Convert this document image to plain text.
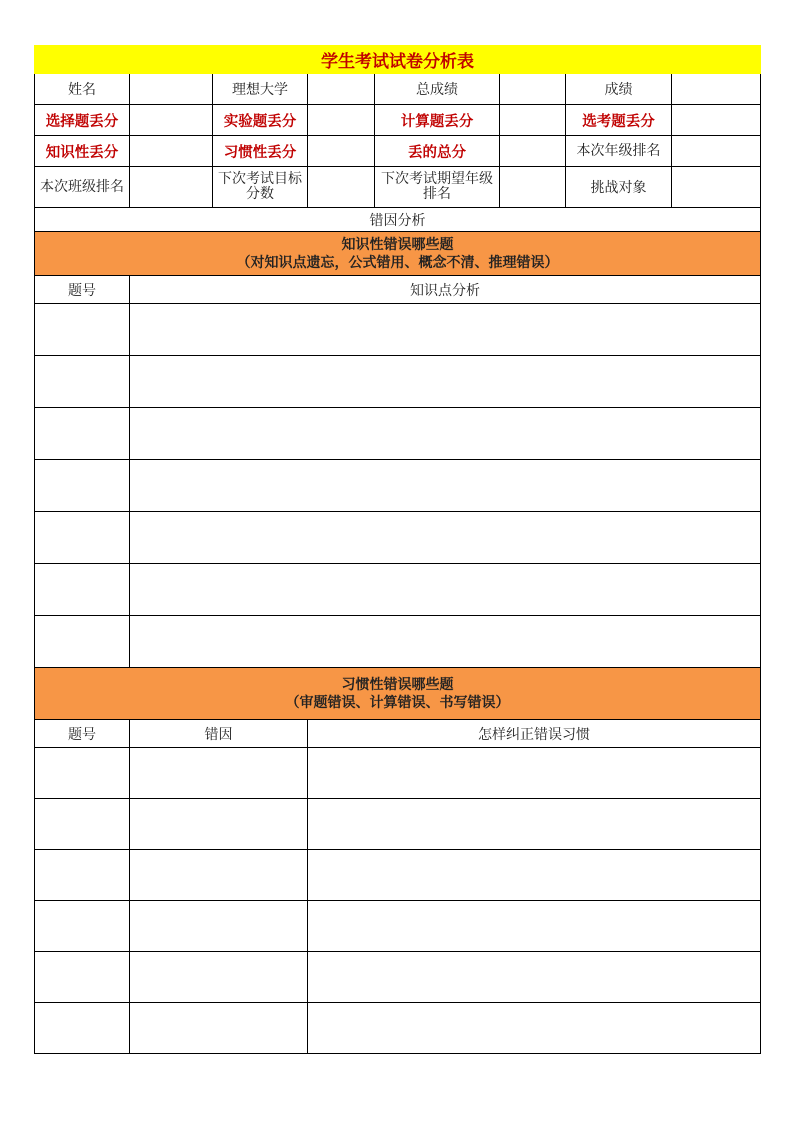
学生考试试卷分析表							
姓名		理想大学		总成绩		成绩	
选择题丢分		实验题丢分		计算题丢分		选考题丢分	
知识性丢分		习惯性丢分		丢的总分		本次年级排名	
本次班级排名		下次考试目标分数		下次考试期望年级排名		挑战对象	
错因分析							

知识性错误哪些题
（对知识点遗忘，公式错用、概念不清、推理错误）							

题号	知识点分析						

习惯性错误哪些题
（审题错误、计算错误、书写错误）							

题号	错因		怎样纠正错误习惯				
